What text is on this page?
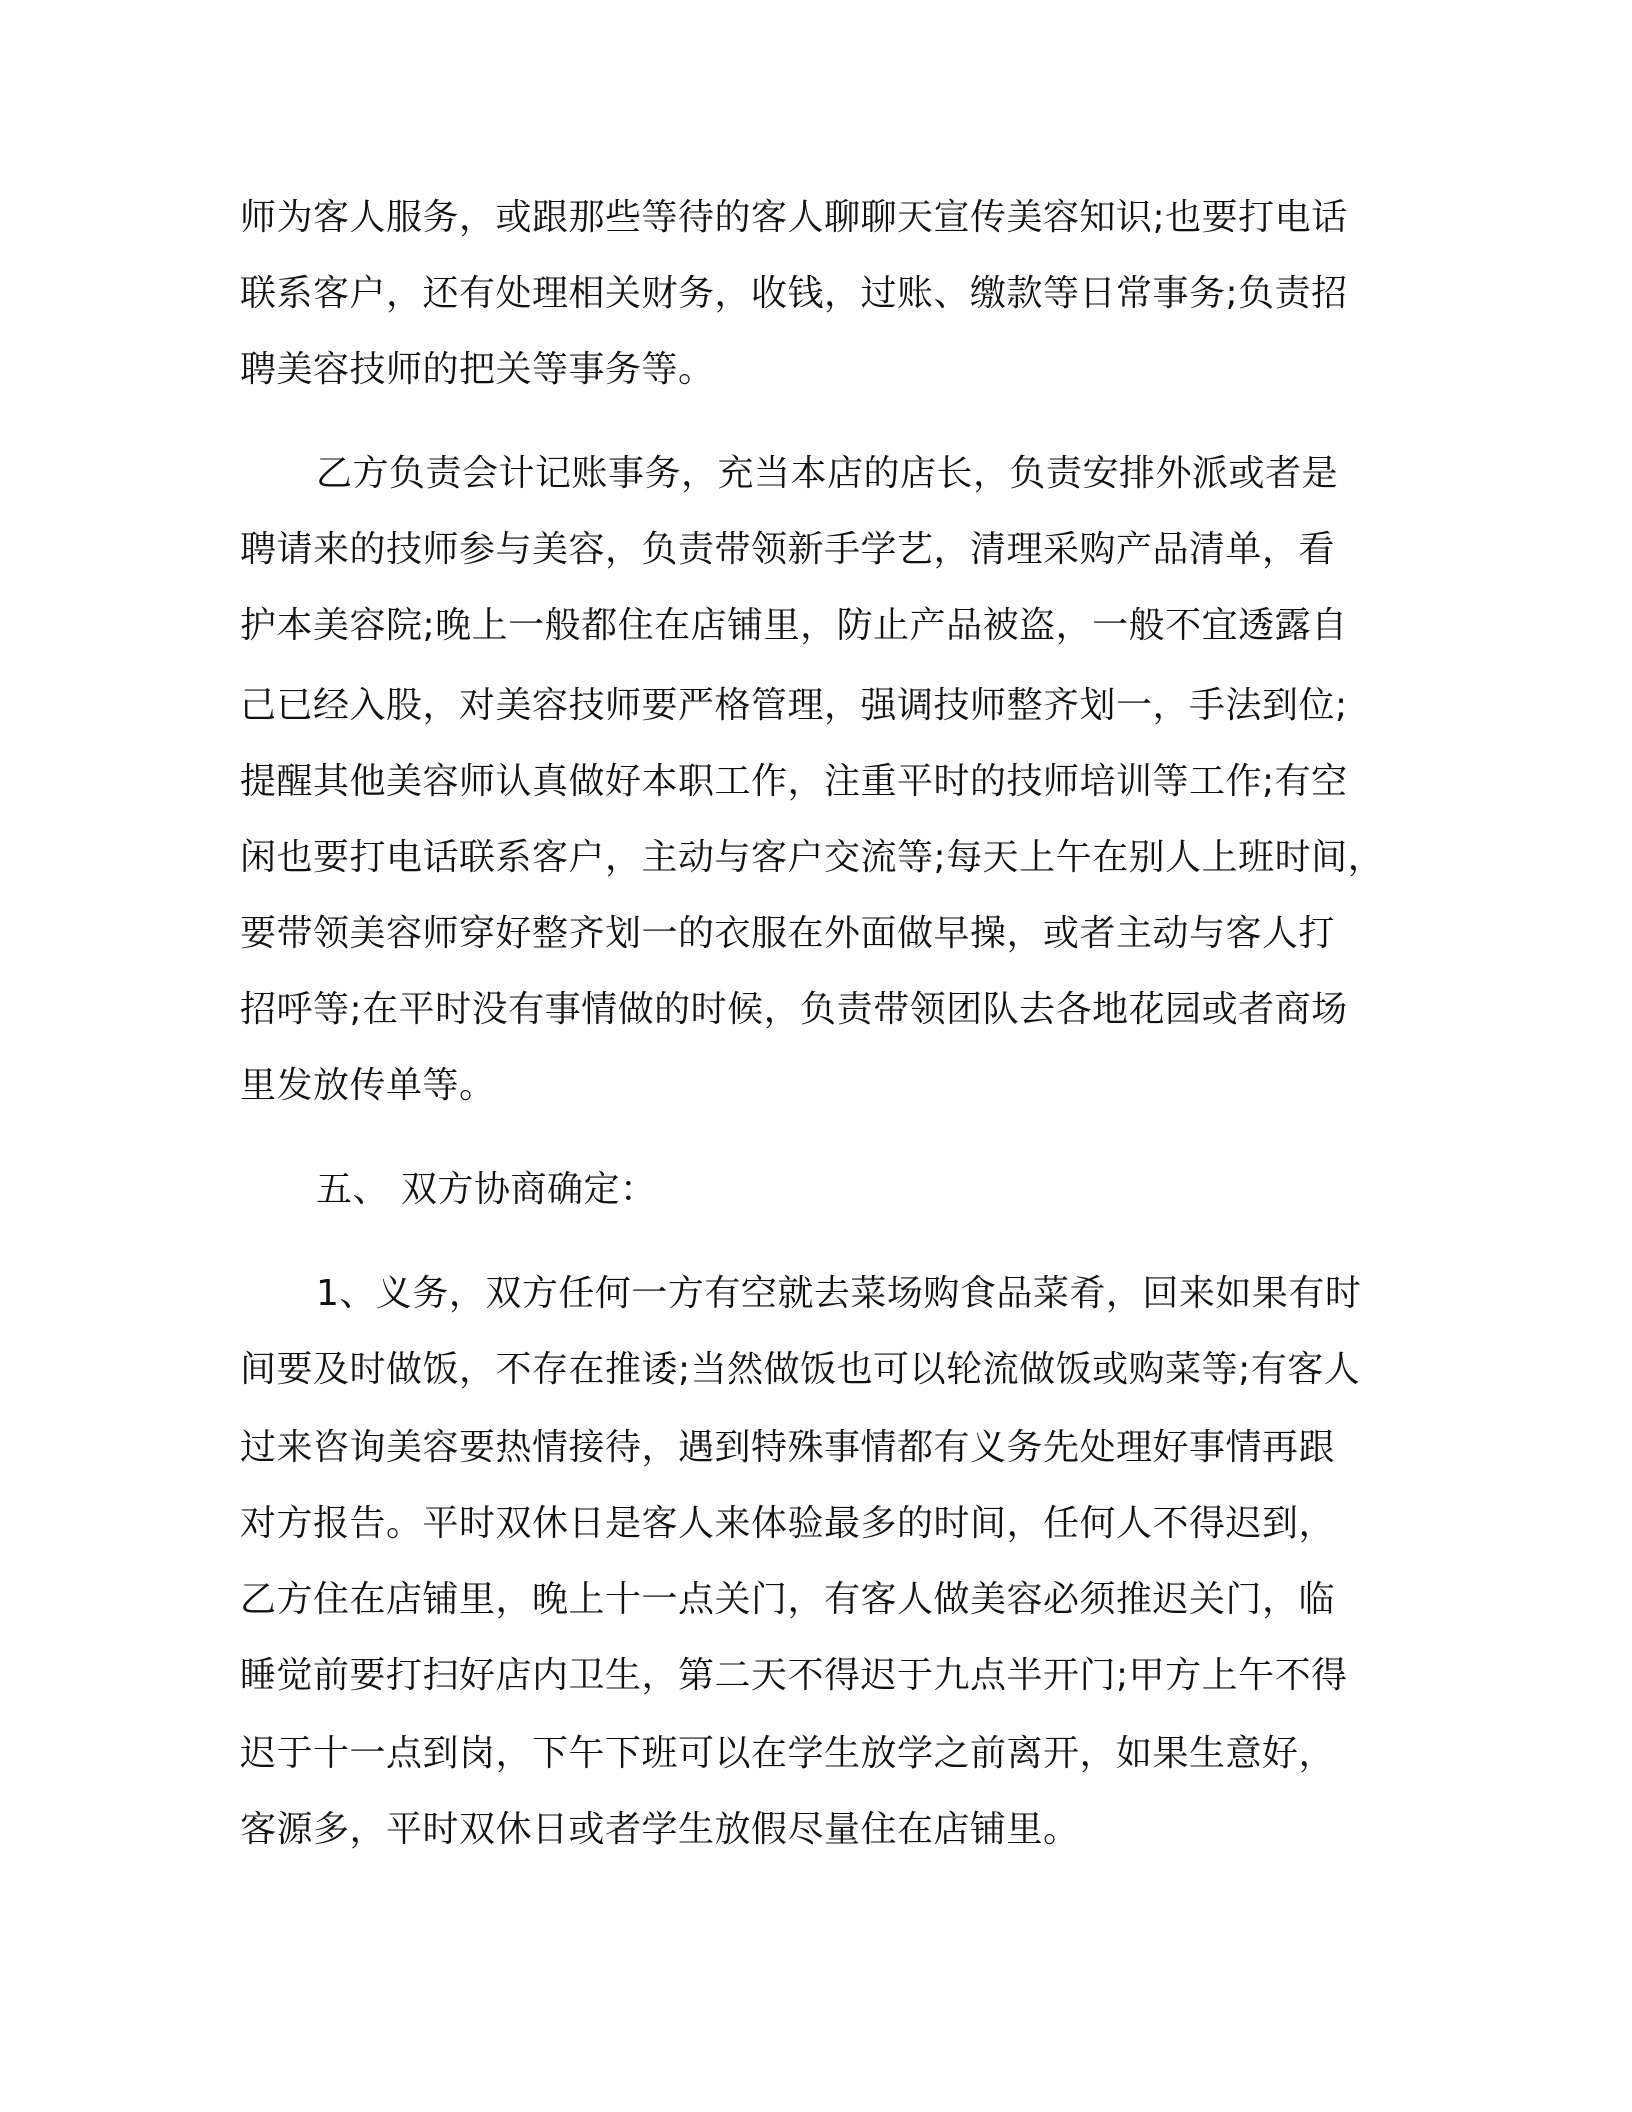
师为客人服务，或跟那些等待的客人聊聊天宣传美容知识;也要打电话
联系客户，还有处理相关财务，收钱，过账、缴款等日常事务;负责招
聘美容技师的把关等事务等。
乙方负责会计记账事务，充当本店的店长，负责安排外派或者是
聘请来的技师参与美容，负责带领新手学艺，清理采购产品清单，看
护本美容院;晚上一般都住在店铺里，防止产品被盗，一般不宜透露自
己已经入股，对美容技师要严格管理，强调技师整齐划一，手法到位;
提醒其他美容师认真做好本职工作，注重平时的技师培训等工作;有空
闲也要打电话联系客户，主动与客户交流等;每天上午在别人上班时间，
要带领美容师穿好整齐划一的衣服在外面做早操，或者主动与客人打
招呼等;在平时没有事情做的时候，负责带领团队去各地花园或者商场
里发放传单等。
五、 双方协商确定：
1、义务，双方任何一方有空就去菜场购食品菜肴，回来如果有时
间要及时做饭，不存在推诿;当然做饭也可以轮流做饭或购菜等;有客人
过来咨询美容要热情接待，遇到特殊事情都有义务先处理好事情再跟
对方报告。平时双休日是客人来体验最多的时间，任何人不得迟到，
乙方住在店铺里，晚上十一点关门，有客人做美容必须推迟关门，临
睡觉前要打扫好店内卫生，第二天不得迟于九点半开门;甲方上午不得
迟于十一点到岗，下午下班可以在学生放学之前离开，如果生意好，
客源多，平时双休日或者学生放假尽量住在店铺里。
